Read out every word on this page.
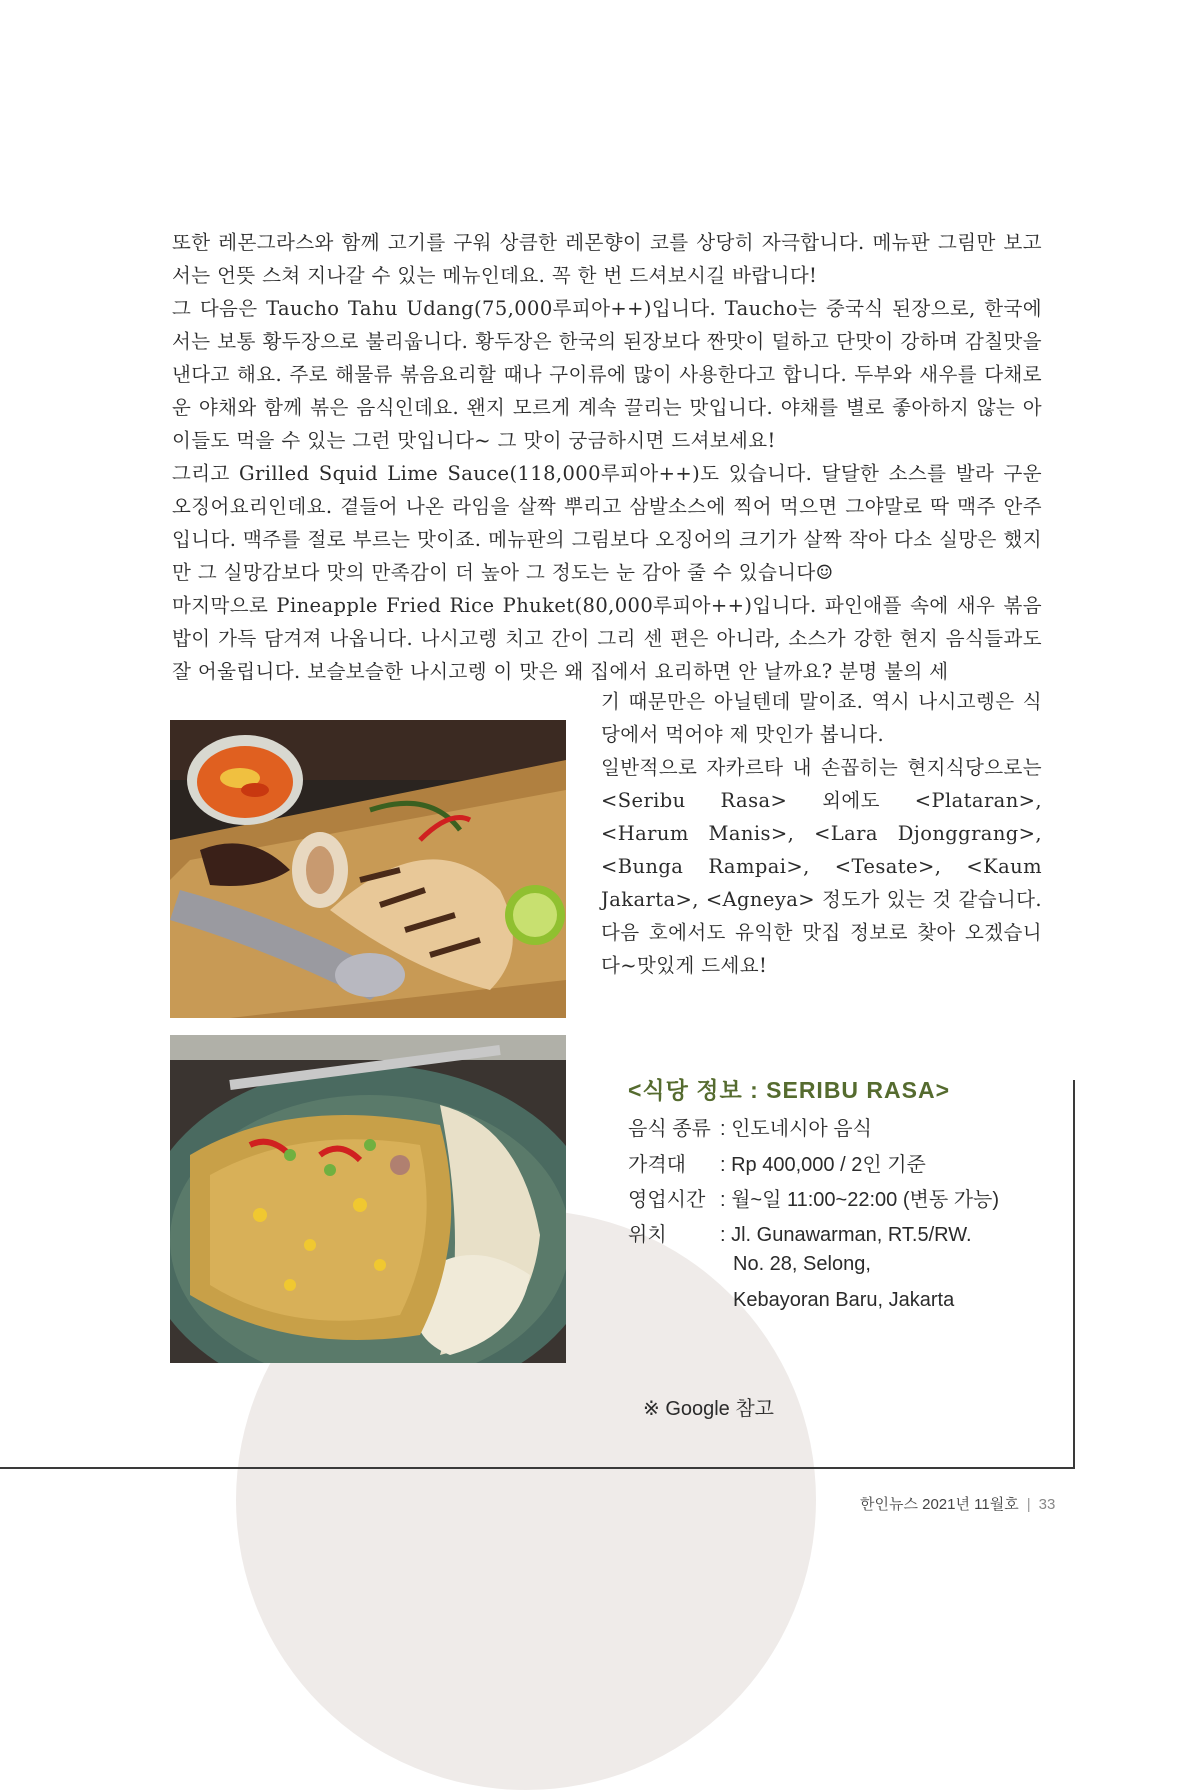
또한 레몬그라스와 함께 고기를 구워 상큼한 레몬향이 코를 상당히 자극합니다. 메뉴판 그림만 보고서는 언뜻 스쳐 지나갈 수 있는 메뉴인데요. 꼭 한 번 드셔보시길 바랍니다!

그 다음은 Taucho Tahu Udang(75,000루피아++)입니다. Taucho는 중국식 된장으로, 한국에서는 보통 황두장으로 불리웁니다. 황두장은 한국의 된장보다 짠맛이 덜하고 단맛이 강하며 감칠맛을 낸다고 해요. 주로 해물류 볶음요리할 때나 구이류에 많이 사용한다고 합니다. 두부와 새우를 다채로운 야채와 함께 볶은 음식인데요. 왠지 모르게 계속 끌리는 맛입니다. 야채를 별로 좋아하지 않는 아이들도 먹을 수 있는 그런 맛입니다~ 그 맛이 궁금하시면 드셔보세요!

그리고 Grilled Squid Lime Sauce(118,000루피아++)도 있습니다. 달달한 소스를 발라 구운 오징어요리인데요. 곁들어 나온 라임을 살짝 뿌리고 삼발소스에 찍어 먹으면 그야말로 딱 맥주 안주입니다. 맥주를 절로 부르는 맛이죠. 메뉴판의 그림보다 오징어의 크기가 살짝 작아 다소 실망은 했지만 그 실망감보다 맛의 만족감이 더 높아 그 정도는 눈 감아 줄 수 있습니다☺

마지막으로 Pineapple Fried Rice Phuket(80,000루피아++)입니다. 파인애플 속에 새우 볶음밥이 가득 담겨져 나옵니다. 나시고렝 치고 간이 그리 센 편은 아니라, 소스가 강한 현지 음식들과도 잘 어울립니다. 보슬보슬한 나시고렝 이 맛은 왜 집에서 요리하면 안 날까요? 분명 불의 세

기 때문만은 아닐텐데 말이죠. 역시 나시고렝은 식당에서 먹어야 제 맛인가 봅니다.

일반적으로 자카르타 내 손꼽히는 현지식당으로는 <Seribu Rasa> 외에도 <Plataran>, <Harum Manis>, <Lara Djonggrang>, <Bunga Rampai>, <Tesate>, <Kaum Jakarta>, <Agneya> 정도가 있는 것 같습니다. 다음 호에서도 유익한 맛집 정보로 찾아 오겠습니다~맛있게 드세요!

<식당 정보 : SERIBU RASA>
음식 종류 : 인도네시아 음식
가격대 : Rp 400,000 / 2인 기준
영업시간 : 월~일 11:00~22:00 (변동 가능)
위치	: Jl. Gunawarman, RT.5/RW.
No. 28, Selong,
Kebayoran Baru, Jakarta
※ Google 참고
한인뉴스 2021년 11월호 | 33
